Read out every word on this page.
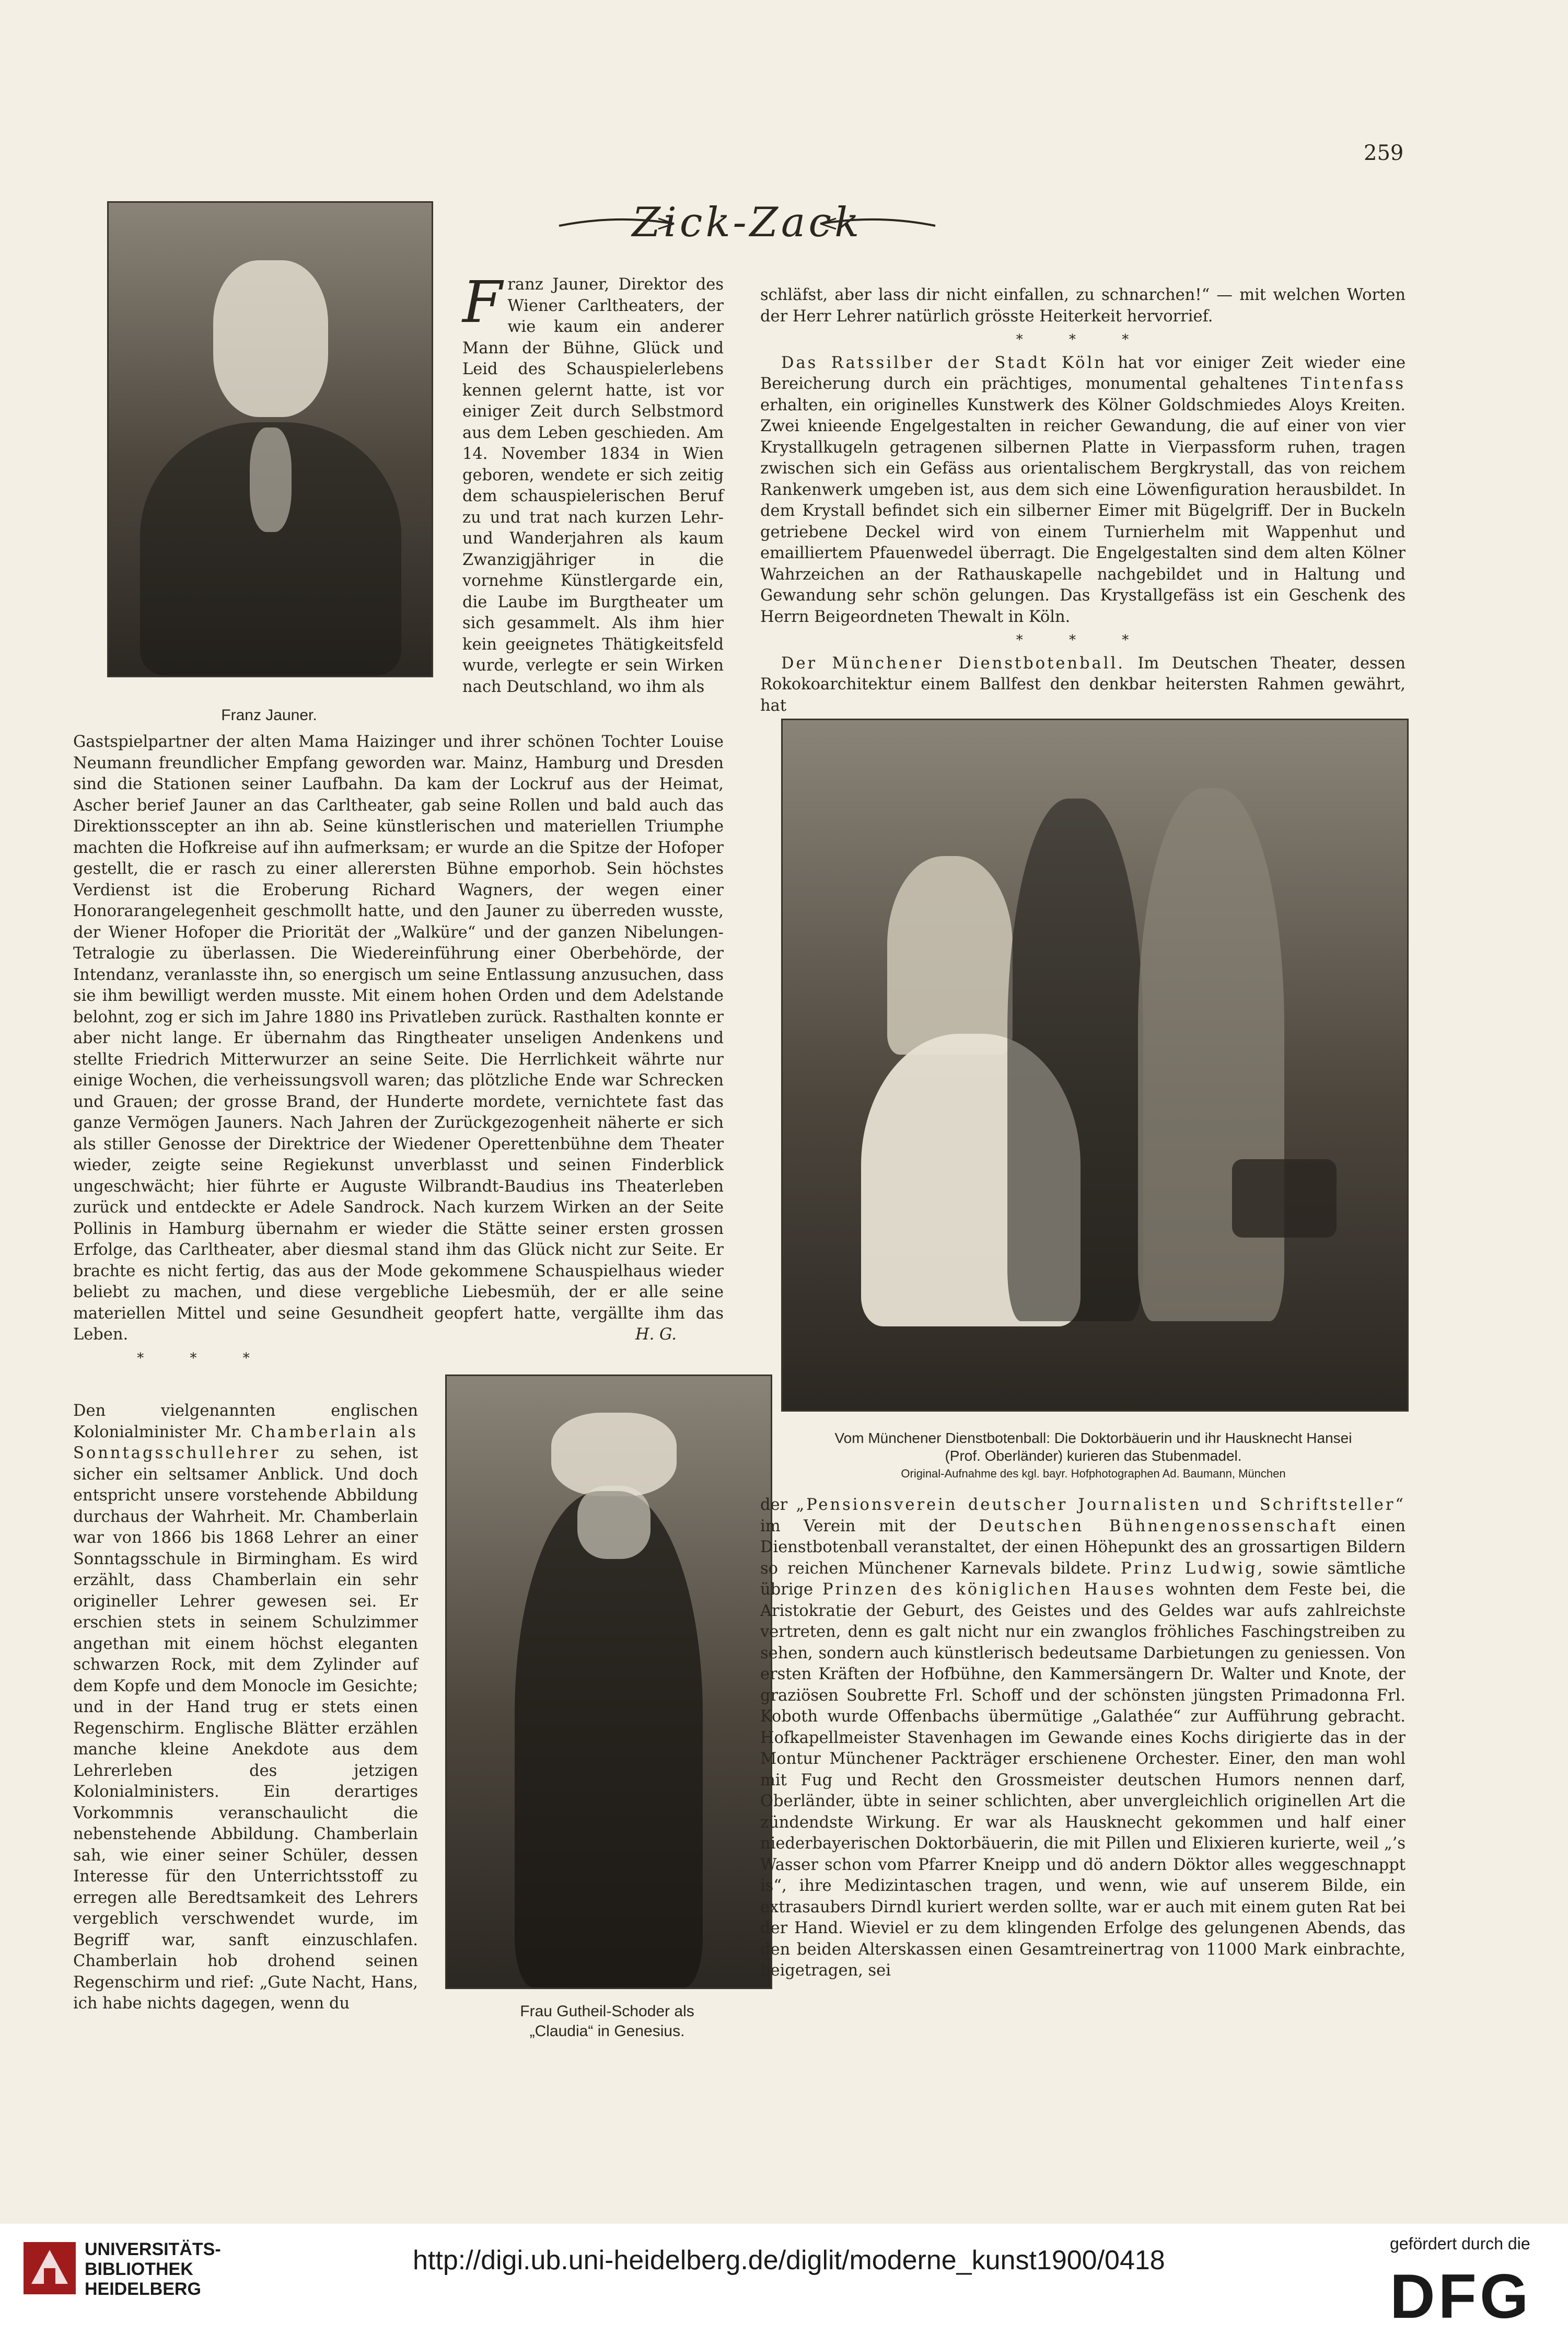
259
Zick-Zack
Franz Jauner.
Vom Münchener Dienstbotenball: Die Doktorbäuerin und ihr Hausknecht Hansei
(Prof. Oberländer) kurieren das Stubenmadel.
Original-Aufnahme des kgl. bayr. Hofphotographen Ad. Baumann, München
Frau Gutheil-Schoder als
„Claudia“ in Genesius.

Franz Jauner, Direktor des Wiener Carltheaters, der wie kaum ein anderer Mann der Bühne, Glück und Leid des Schauspielerlebens kennen gelernt hatte, ist vor einiger Zeit durch Selbstmord aus dem Leben geschieden. Am 14. November 1834 in Wien geboren, wendete er sich zeitig dem schauspielerischen Beruf zu und trat nach kurzen Lehr- und Wanderjahren als kaum Zwanzigjähriger in die vornehme Künstlergarde ein, die Laube im Burgtheater um sich gesammelt. Als ihm hier kein geeignetes Thätigkeitsfeld wurde, verlegte er sein Wirken nach Deutschland, wo ihm als

Gastspielpartner der alten Mama Haizinger und ihrer schönen Tochter Louise Neumann freundlicher Empfang geworden war. Mainz, Hamburg und Dresden sind die Stationen seiner Laufbahn. Da kam der Lockruf aus der Heimat, Ascher berief Jauner an das Carltheater, gab seine Rollen und bald auch das Direktionsscepter an ihn ab. Seine künstlerischen und materiellen Triumphe machten die Hofkreise auf ihn aufmerksam; er wurde an die Spitze der Hofoper gestellt, die er rasch zu einer allerersten Bühne emporhob. Sein höchstes Verdienst ist die Eroberung Richard Wagners, der wegen einer Honorarangelegenheit geschmollt hatte, und den Jauner zu überreden wusste, der Wiener Hofoper die Priorität der „Walküre“ und der ganzen Nibelungen-Tetralogie zu überlassen. Die Wiedereinführung einer Oberbehörde, der Intendanz, veranlasste ihn, so energisch um seine Entlassung anzusuchen, dass sie ihm bewilligt werden musste. Mit einem hohen Orden und dem Adelstande belohnt, zog er sich im Jahre 1880 ins Privatleben zurück. Rasthalten konnte er aber nicht lange. Er übernahm das Ringtheater unseligen Andenkens und stellte Friedrich Mitterwurzer an seine Seite. Die Herrlichkeit währte nur einige Wochen, die verheissungsvoll waren; das plötzliche Ende war Schrecken und Grauen; der grosse Brand, der Hunderte mordete, vernichtete fast das ganze Vermögen Jauners. Nach Jahren der Zurückgezogenheit näherte er sich als stiller Genosse der Direktrice der Wiedener Operettenbühne dem Theater wieder, zeigte seine Regiekunst unverblasst und seinen Finderblick ungeschwächt; hier führte er Auguste Wilbrandt-Baudius ins Theaterleben zurück und entdeckte er Adele Sandrock. Nach kurzem Wirken an der Seite Pollinis in Hamburg übernahm er wieder die Stätte seiner ersten grossen Erfolge, das Carltheater, aber diesmal stand ihm das Glück nicht zur Seite. Er brachte es nicht fertig, das aus der Mode gekommene Schauspielhaus wieder beliebt zu machen, und diese vergebliche Liebesmüh, der er alle seine materiellen Mittel und seine Gesundheit geopfert hatte, vergällte ihm das Leben.	H. G.

* * *

Den vielgenannten englischen Kolonialminister Mr. Chamberlain als Sonntagsschullehrer zu sehen, ist sicher ein seltsamer Anblick. Und doch entspricht unsere vorstehende Abbildung durchaus der Wahrheit. Mr. Chamberlain war von 1866 bis 1868 Lehrer an einer Sonntagsschule in Birmingham. Es wird erzählt, dass Chamberlain ein sehr origineller Lehrer gewesen sei. Er erschien stets in seinem Schulzimmer angethan mit einem höchst eleganten schwarzen Rock, mit dem Zylinder auf dem Kopfe und dem Monocle im Gesichte; und in der Hand trug er stets einen Regenschirm. Englische Blätter erzählen manche kleine Anekdote aus dem Lehrerleben des jetzigen Kolonialministers. Ein derartiges Vorkommnis veranschaulicht die nebenstehende Abbildung. Chamberlain sah, wie einer seiner Schüler, dessen Interesse für den Unterrichtsstoff zu erregen alle Beredtsamkeit des Lehrers vergeblich verschwendet wurde, im Begriff war, sanft einzuschlafen. Chamberlain hob drohend seinen Regenschirm und rief: „Gute Nacht, Hans, ich habe nichts dagegen, wenn du

schläfst, aber lass dir nicht einfallen, zu schnarchen!“ — mit welchen Worten der Herr Lehrer natürlich grösste Heiterkeit hervorrief.

* * *

Das Ratssilber der Stadt Köln hat vor einiger Zeit wieder eine Bereicherung durch ein prächtiges, monumental gehaltenes Tintenfass erhalten, ein originelles Kunstwerk des Kölner Goldschmiedes Aloys Kreiten. Zwei knieende Engelgestalten in reicher Gewandung, die auf einer von vier Krystallkugeln getragenen silbernen Platte in Vierpassform ruhen, tragen zwischen sich ein Gefäss aus orientalischem Bergkrystall, das von reichem Rankenwerk umgeben ist, aus dem sich eine Löwenfiguration herausbildet. In dem Krystall befindet sich ein silberner Eimer mit Bügelgriff. Der in Buckeln getriebene Deckel wird von einem Turnierhelm mit Wappenhut und emailliertem Pfauenwedel überragt. Die Engelgestalten sind dem alten Kölner Wahrzeichen an der Rathauskapelle nachgebildet und in Haltung und Gewandung sehr schön gelungen. Das Krystallgefäss ist ein Geschenk des Herrn Beigeordneten Thewalt in Köln.

* * *

Der Münchener Dienstbotenball. Im Deutschen Theater, dessen Rokokoarchitektur einem Ballfest den denkbar heitersten Rahmen gewährt, hat

der „Pensionsverein deutscher Journalisten und Schriftsteller“ im Verein mit der Deutschen Bühnengenossenschaft einen Dienstbotenball veranstaltet, der einen Höhepunkt des an grossartigen Bildern so reichen Münchener Karnevals bildete. Prinz Ludwig, sowie sämtliche übrige Prinzen des königlichen Hauses wohnten dem Feste bei, die Aristokratie der Geburt, des Geistes und des Geldes war aufs zahlreichste vertreten, denn es galt nicht nur ein zwanglos fröhliches Faschingstreiben zu sehen, sondern auch künstlerisch bedeutsame Darbietungen zu geniessen. Von ersten Kräften der Hofbühne, den Kammersängern Dr. Walter und Knote, der graziösen Soubrette Frl. Schoff und der schönsten jüngsten Primadonna Frl. Koboth wurde Offenbachs übermütige „Galathée“ zur Aufführung gebracht. Hofkapellmeister Stavenhagen im Gewande eines Kochs dirigierte das in der Montur Münchener Packträger erschienene Orchester. Einer, den man wohl mit Fug und Recht den Grossmeister deutschen Humors nennen darf, Oberländer, übte in seiner schlichten, aber unvergleichlich originellen Art die zündendste Wirkung. Er war als Hausknecht gekommen und half einer niederbayerischen Doktorbäuerin, die mit Pillen und Elixieren kurierte, weil „’s Wasser schon vom Pfarrer Kneipp und dö andern Döktor alles weggeschnappt is“, ihre Medizintaschen tragen, und wenn, wie auf unserem Bilde, ein extrasaubers Dirndl kuriert werden sollte, war er auch mit einem guten Rat bei der Hand. Wieviel er zu dem klingenden Erfolge des gelungenen Abends, das den beiden Alterskassen einen Gesamtreinertrag von 11000 Mark einbrachte, beigetragen, sei

UNIVERSITÄTS-
BIBLIOTHEK
HEIDELBERG
http://digi.ub.uni-heidelberg.de/diglit/moderne_kunst1900/0418
gefördert durch die
DFG
